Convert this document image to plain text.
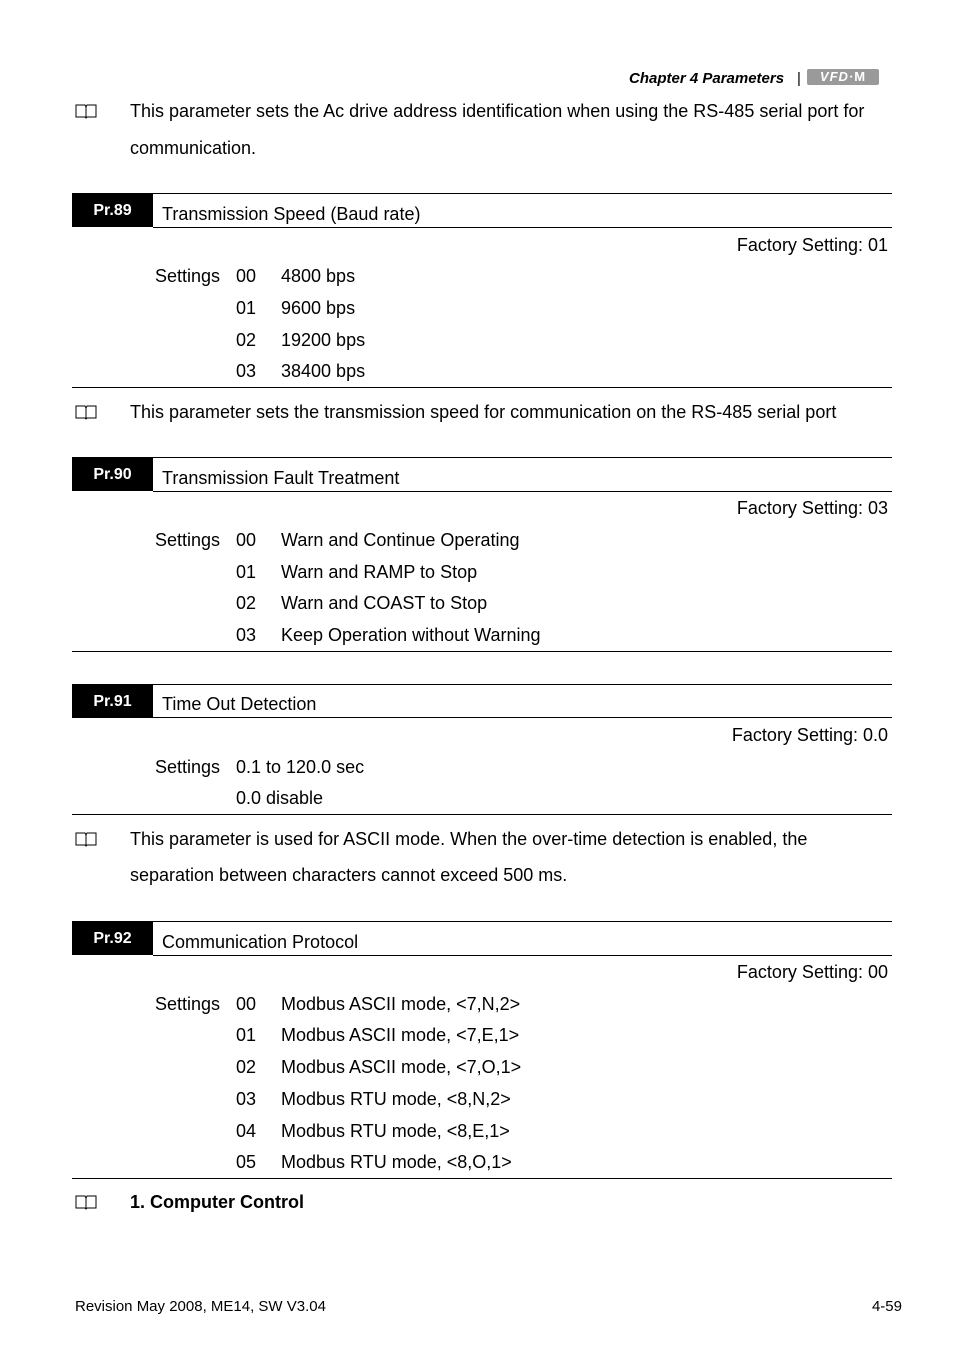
Chapter 4 Parameters |	VFD·M
This parameter sets the Ac drive address identification when using the RS-485 serial port for
communication.
Pr.89	Transmission Speed (Baud rate)
Factory Setting: 01
Settings 00 4800 bps
01 9600 bps
02 19200 bps
03 38400 bps
This parameter sets the transmission speed for communication on the RS-485 serial port
Pr.90	Transmission Fault Treatment
Factory Setting: 03
Settings 00 Warn and Continue Operating
01 Warn and RAMP to Stop
02 Warn and COAST to Stop
03 Keep Operation without Warning
Pr.91	Time Out Detection
Factory Setting: 0.0
Settings 0.1 to 120.0 sec
0.0 disable
This parameter is used for ASCII mode. When the over-time detection is enabled, the
separation between characters cannot exceed 500 ms.
Pr.92	Communication Protocol
Factory Setting: 00
Settings 00 Modbus ASCII mode, <7,N,2>
01 Modbus ASCII mode, <7,E,1>
02 Modbus ASCII mode, <7,O,1>
03 Modbus RTU mode, <8,N,2>
04 Modbus RTU mode, <8,E,1>
05 Modbus RTU mode, <8,O,1>
1. Computer Control
Revision May 2008, ME14, SW V3.04	4-59
